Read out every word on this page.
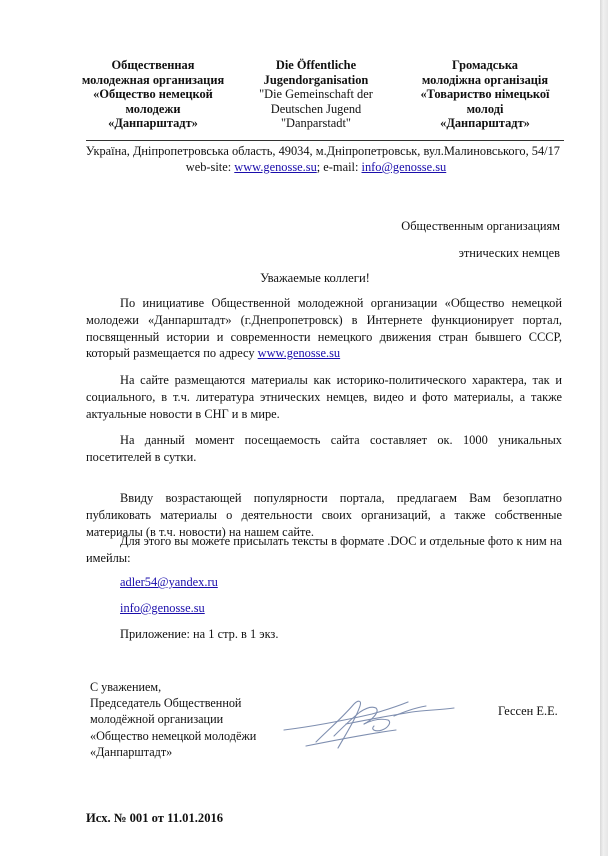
Общественная
молодежная организация
«Общество немецкой
молодежи
«Данпарштадт»
Die Öffentliche
Jugendorganisation
"Die Gemeinschaft der
Deutschen Jugend
"Danparstadt"
Громадська
молодіжна організація
«Товариство німецької
молоді
«Данпарштадт»
Україна, Дніпропетровська область, 49034, м.Дніпропетровськ, вул.Малиновського, 54/17
web-site: www.genosse.su; e-mail: info@genosse.su
Общественным организациям
этнических немцев
Уважаемые коллеги!
По инициативе Общественной молодежной организации «Общество немецкой молодежи «Данпарштадт» (г.Днепропетровск) в Интернете функционирует портал, посвященный истории и современности немецкого движения стран бывшего СССР, который размещается по адресу www.genosse.su
На сайте размещаются материалы как историко-политического характера, так и социального, в т.ч. литература этнических немцев, видео и фото материалы, а также актуальные новости в СНГ и в мире.
На данный момент посещаемость сайта составляет ок. 1000 уникальных посетителей в сутки.
Ввиду возрастающей популярности портала, предлагаем Вам безоплатно публиковать материалы о деятельности своих организаций, а также собственные материалы (в т.ч. новости) на нашем сайте.
Для этого вы можете присылать тексты в формате .DOC и отдельные фото к ним на имейлы:
adler54@yandex.ru
info@genosse.su
Приложение: на 1 стр. в 1 экз.
С уважением,
Председатель Общественной
молодёжной организации
«Общество немецкой молодёжи
«Данпарштадт»
Гессен Е.Е.
Исх. № 001 от 11.01.2016
